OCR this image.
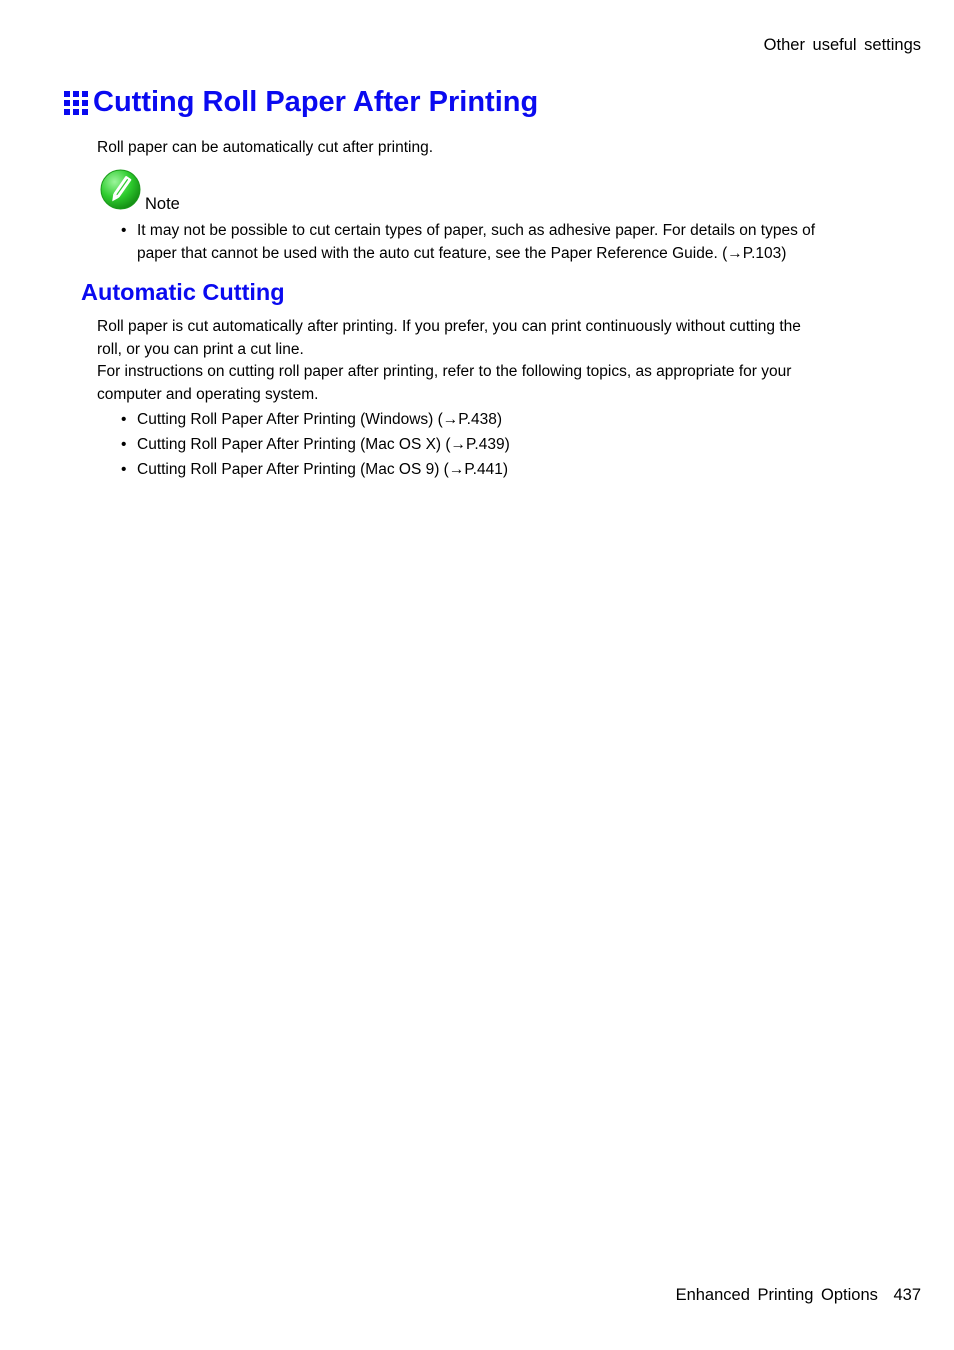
Other useful settings
Cutting Roll Paper After Printing
Roll paper can be automatically cut after printing.
Note
• It may not be possible to cut certain types of paper, such as adhesive paper. For details on types of
paper that cannot be used with the auto cut feature, see the Paper Reference Guide. (→P.103)
Automatic Cutting
Roll paper is cut automatically after printing. If you prefer, you can print continuously without cutting the
roll, or you can print a cut line.
For instructions on cutting roll paper after printing, refer to the following topics, as appropriate for your
computer and operating system.
• Cutting Roll Paper After Printing (Windows) (→P.438)
• Cutting Roll Paper After Printing (Mac OS X) (→P.439)
• Cutting Roll Paper After Printing (Mac OS 9) (→P.441)
Enhanced Printing Options 437
